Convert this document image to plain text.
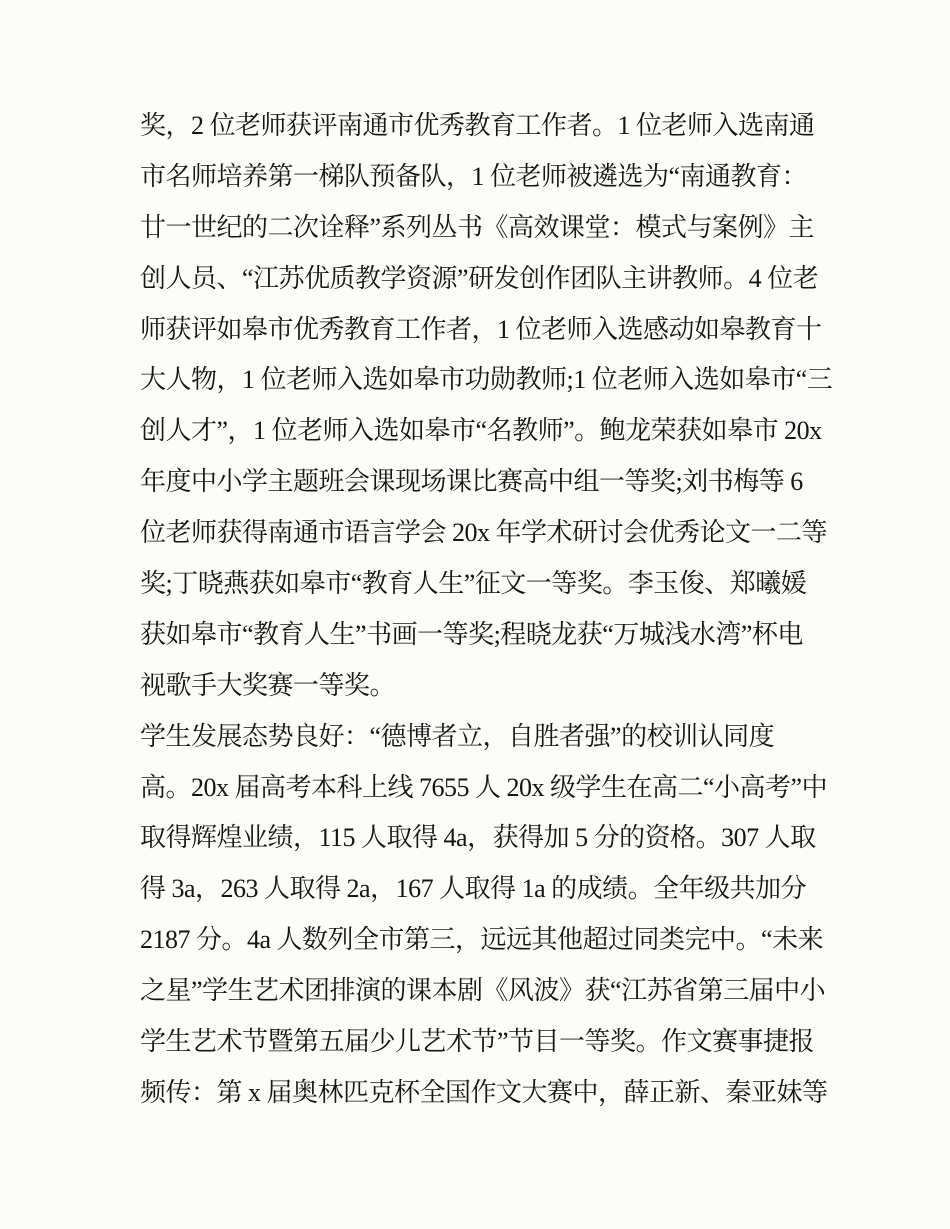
奖，2 位老师获评南通市优秀教育工作者。1 位老师入选南通
市名师培养第一梯队预备队，1 位老师被遴选为“南通教育：
廿一世纪的二次诠释”系列丛书《高效课堂：模式与案例》主
创人员、“江苏优质教学资源”研发创作团队主讲教师。4 位老
师获评如皋市优秀教育工作者，1 位老师入选感动如皋教育十
大人物，1 位老师入选如皋市功勋教师;1 位老师入选如皋市“三
创人才”，1 位老师入选如皋市“名教师”。鲍龙荣获如皋市 20x
年度中小学主题班会课现场课比赛高中组一等奖;刘书梅等 6
位老师获得南通市语言学会 20x 年学术研讨会优秀论文一二等
奖;丁晓燕获如皋市“教育人生”征文一等奖。李玉俊、郑曦媛
获如皋市“教育人生”书画一等奖;程晓龙获“万城浅水湾”杯电
视歌手大奖赛一等奖。
学生发展态势良好：“德博者立，自胜者强”的校训认同度
高。20x 届高考本科上线 7655 人 20x 级学生在高二“小高考”中
取得辉煌业绩，115 人取得 4a，获得加 5 分的资格。307 人取
得 3a，263 人取得 2a，167 人取得 1a 的成绩。全年级共加分
2187 分。4a 人数列全市第三，远远其他超过同类完中。“未来
之星”学生艺术团排演的课本剧《风波》获“江苏省第三届中小
学生艺术节暨第五届少儿艺术节”节目一等奖。作文赛事捷报
频传：第 x 届奥林匹克杯全国作文大赛中，薛正新、秦亚妹等
